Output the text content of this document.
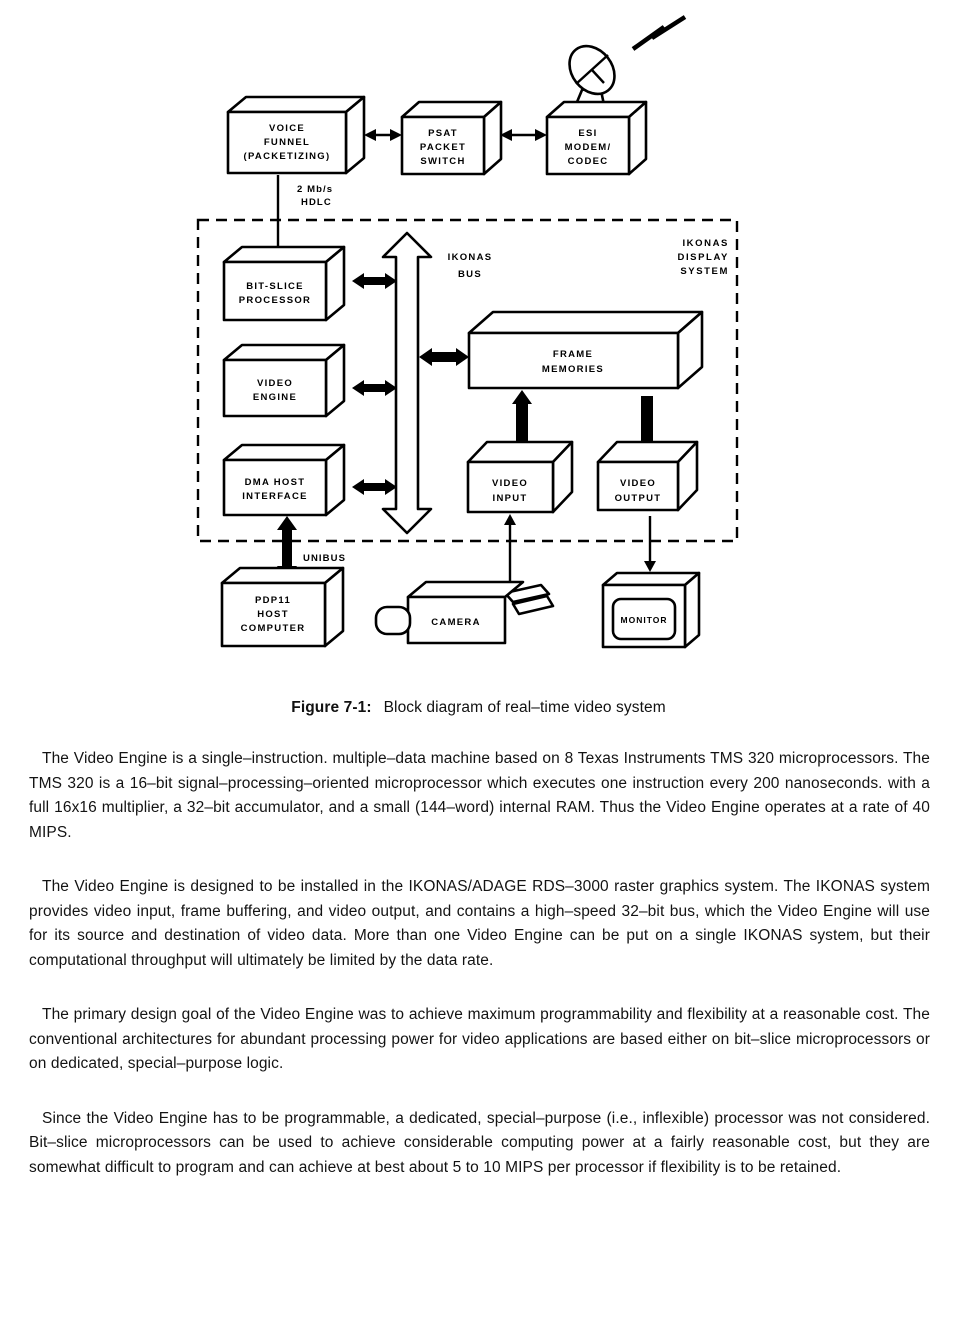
VOICE
FUNNEL
(PACKETIZING)
PSAT
PACKET
SWITCH
ESI
MODEM/
CODEC
2 Mb/s
HDLC
IKONAS
DISPLAY
SYSTEM
IKONAS
BUS
BIT-SLICE
PROCESSOR
VIDEO
ENGINE
DMA HOST
INTERFACE
FRAME
MEMORIES
VIDEO
INPUT
VIDEO
OUTPUT
UNIBUS
PDP11
HOST
COMPUTER
CAMERA	MONITOR
Figure 7-1: Block diagram of real–time video system

The Video Engine is a single–instruction. multiple–data machine based on 8 Texas Instruments TMS 320 microprocessors. The TMS 320 is a 16–bit signal–processing–oriented microprocessor which executes one instruction every 200 nanoseconds. with a full 16x16 multiplier, a 32–bit accumulator, and a small (144–word) internal RAM. Thus the Video Engine operates at a rate of 40 MIPS.

The Video Engine is designed to be installed in the IKONAS/ADAGE RDS–3000 raster graphics system. The IKONAS system provides video input, frame buffering, and video output, and contains a high–speed 32–bit bus, which the Video Engine will use for its source and destination of video data. More than one Video Engine can be put on a single IKONAS system, but their computational throughput will ultimately be limited by the data rate.

The primary design goal of the Video Engine was to achieve maximum programmability and flexibility at a reasonable cost. The conventional architectures for abundant processing power for video applications are based either on bit–slice microprocessors or on dedicated, special–purpose logic.

Since the Video Engine has to be programmable, a dedicated, special–purpose (i.e., inflexible) processor was not considered. Bit–slice microprocessors can be used to achieve considerable computing power at a fairly reasonable cost, but they are somewhat difficult to program and can achieve at best about 5 to 10 MIPS per processor if flexibility is to be retained.
